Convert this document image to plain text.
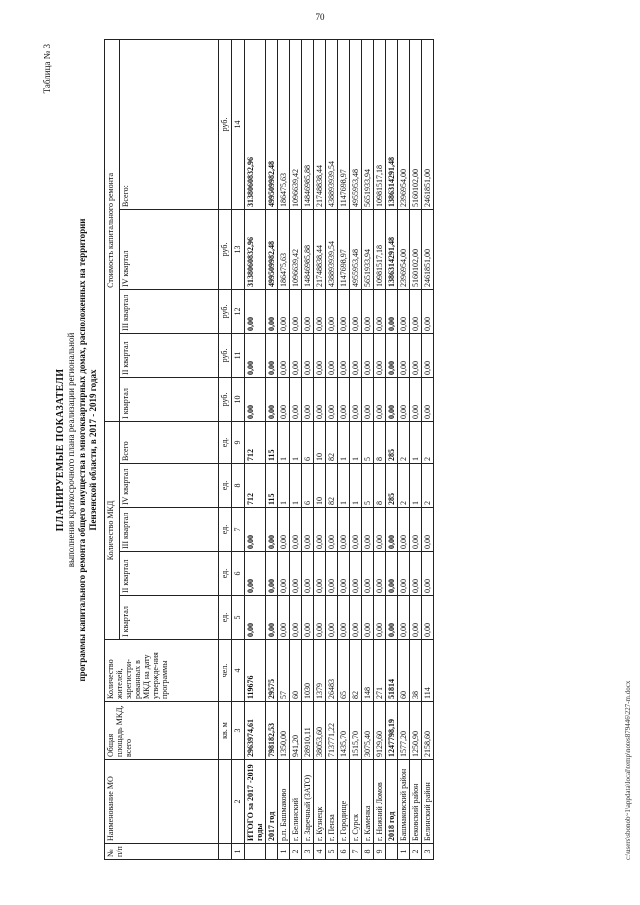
70
Таблица № 3
ПЛАНИРУЕМЫЕ ПОКАЗАТЕЛИ выполнения краткосрочного плана реализации региональной программы капитального ремонта общего имущества в многоквартирных домах, расположенных на территории Пензенской области, в 2017 - 2019 годах
№ п/п	Наименование МО	Общая площадь МКД, всего	Количество жителей, зарегистри-рованных в МКД на дату утвержде-ния программы	Количество МКД					Стоимость капитального ремонта				
				I квартал	II квартал	III квартал	IV квартал	Всего	I квартал	II квартал	III квартал	IV квартал	Всего:
		кв. м	чел.	ед.	ед.	ед.	ед.	ед.	руб.	руб.	руб.	руб.	руб.
1	2	3	4	5	6	7	8	9	10	11	12	13	14
	ИТОГО за 2017 -2019 годы	2963974,61	119676	0,00	0,00	0,00	712	712	0,00	0,00	0,00	3138060832,96	3138060832,96
	2017 год	798182,53	29575	0,00	0,00	0,00	115	115	0,00	0,00	0,00	499509982,48	499509982,48
1	р.п. Башмаково	1350,00	57	0,00	0,00	0,00	1	1	0,00	0,00	0,00	186475,63	186475,63
2	г. Белинский	941,20	60	0,00	0,00	0,00	1	1	0,00	0,00	0,00	1096639,42	1096639,42
3	г. Заречный (ЗАТО)	28910,11	1030	0,00	0,00	0,00	6	6	0,00	0,00	0,00	14846985,88	14846985,88
4	г. Кузнецк	38053,60	1379	0,00	0,00	0,00	10	10	0,00	0,00	0,00	21748838,44	21748838,44
5	г. Пенза	713771,22	26483	0,00	0,00	0,00	82	82	0,00	0,00	0,00	438893939,54	438893939,54
6	г. Городище	1435,70	65	0,00	0,00	0,00	1	1	0,00	0,00	0,00	1147698,97	1147698,97
7	г. Сурск	1515,70	82	0,00	0,00	0,00	1	1	0,00	0,00	0,00	4955953,48	4955953,48
8	г. Каменка	3075,40	148	0,00	0,00	0,00	5	5	0,00	0,00	0,00	5651933,94	5651933,94
9	г. Нижний Ломов	9129,60	271	0,00	0,00	0,00	8	8	0,00	0,00	0,00	10981517,18	10981517,18
	2018 год	1247798,19	51814	0,00	0,00	0,00	285	285	0,00	0,00	0,00	1386314291,48	1386314291,48
1	Башмаковский район	1577,20	60	0,00	0,00	0,00	2	2	0,00	0,00	0,00	2396954,00	2396954,00
2	Бековский район	1250,90	38	0,00	0,00	0,00	1	1	0,00	0,00	0,00	5160102,00	5160102,00
3	Белинский район	2158,60	114	0,00	0,00	0,00	2	2	0,00	0,00	0,00	2461851,00	2461851,00
c:\users\sbonob~1\appdata\local\temp\notes879446\227-m.docx
